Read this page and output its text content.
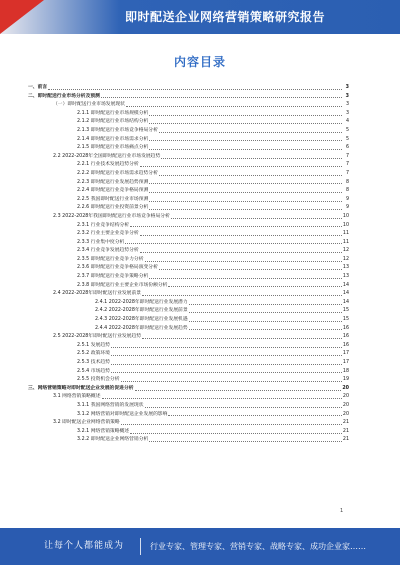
即时配送企业网络营销策略研究报告
内容目录
一、前言	3
二、即时配送行业市场分析及预测	3
（一）即时配送行业市场发展现状	3
2.1.1 即时配送行业市场规模分析	3
2.1.2 即时配送行业市场结构分析	4
2.1.3 即时配送行业市场竞争格局分析	5
2.1.4 即时配送行业市场需求分析	5
2.1.5 即时配送行业市场痛点分析	6
2.2 2022-2028年全国即时配送行业市场发展趋势	7
2.2.1 行业技术发展趋势分析	7
2.2.2 即时配送行业市场需求趋势分析	7
2.2.3 即时配送行业发展趋势预测	8
2.2.4 即时配送行业竞争格局预测	8
2.2.5 我国即时配送行业市场预测	9
2.2.6 即时配送行业投资前景分析	9
2.3 2022-2028年我国即时配送行业市场竞争格局分析	10
2.3.1 行业竞争结构分析	10
2.3.2 行业主要企业竞争分析	11
2.3.3 行业集中度分析	11
2.3.4 行业竞争发展趋势分析	12
2.3.5 即时配送行业竞争力分析	12
2.3.6 即时配送行业竞争格局演变分析	13
2.3.7 即时配送行业竞争策略分析	13
2.3.8 即时配送行业主要企业市场份额分析	14
2.4 2022-2028年即时配送行业发展前景	14
2.4.1 2022-2028年即时配送行业发展潜力	14
2.4.2 2022-2028年即时配送行业发展前景	15
2.4.3 2022-2028年即时配送行业发展机遇	15
2.4.4 2022-2028年即时配送行业发展趋势	16
2.5 2022-2028年即时配送行业发展趋势	16
2.5.1 发展趋势	16
2.5.2 政策环境	17
2.5.3 技术趋势	17
2.5.4 市场趋势	18
2.5.5 投资机会分析	19
三、网络营销策略对即时配送企业发展的促进分析	20
3.1 网络营销策略概述	20
3.1.1 我国网络营销的发展现状	20
3.1.2 网络营销对即时配送企业发展的影响	20
3.2 即时配送企业网络营销策略	21
3.2.1 网络营销策略概述	21
3.2.2 即时配送企业网络营销分析	21
1
让每个人都能成为	行业专家、管理专家、营销专家、战略专家、成功企业家……
